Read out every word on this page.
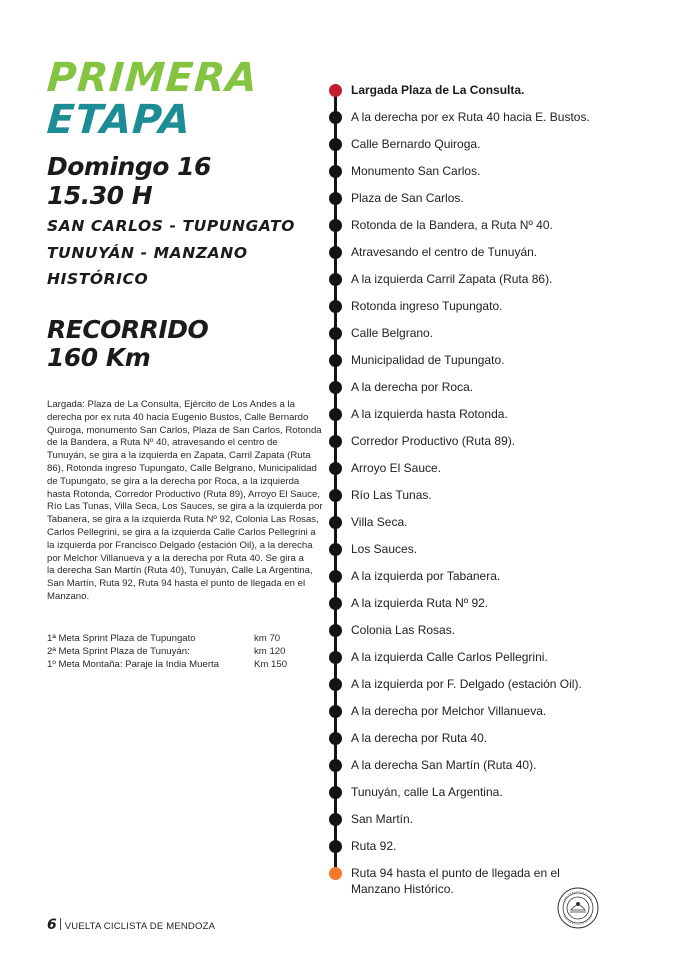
PRIMERA
ETAPA
Domingo 16
15.30 H
SAN CARLOS - TUPUNGATO
TUNUYÁN - MANZANO
HISTÓRICO
RECORRIDO
160 Km
Largada: Plaza de La Consulta, Ejército de Los Andes a la
derecha por ex ruta 40 hacia Eugenio Bustos, Calle Bernardo
Quiroga, monumento San Carlos, Plaza de San Carlos, Rotonda
de la Bandera, a Ruta Nº 40, atravesando el centro de
Tunuyán, se gira a la izquierda en Zapata, Carril Zapata (Ruta
86), Rotonda ingreso Tupungato, Calle Belgrano, Municipalidad
de Tupungato, se gira a la derecha por Roca, a la izquierda
hasta Rotonda, Corredor Productivo (Ruta 89), Arroyo El Sauce,
Río Las Tunas, Villa Seca, Los Sauces, se gira a la izquierda por
Tabanera, se gira a la izquierda Ruta Nº 92, Colonia Las Rosas,
Carlos Pellegrini, se gira a la izquierda Calle Carlos Pellegrini a
la izquierda por Francisco Delgado (estación Oil), a la derecha
por Melchor Villanueva y a la derecha por Ruta 40. Se gira a
la derecha San Martín (Ruta 40), Tunuyán, Calle La Argentina,
San Martín, Ruta 92, Ruta 94 hasta el punto de llegada en el
Manzano.
1ª Meta Sprint Plaza de Tupungato	km 70
2ª Meta Sprint Plaza de Tunuyán:	km 120
1º Meta Montaña: Paraje la India Muerta	Km 150
Largada Plaza de La Consulta.
A la derecha por ex Ruta 40 hacia E. Bustos.
Calle Bernardo Quiroga.
Monumento San Carlos.
Plaza de San Carlos.
Rotonda de la Bandera, a Ruta Nº 40.
Atravesando el centro de Tunuyán.
A la izquierda Carril Zapata (Ruta 86).
Rotonda ingreso Tupungato.
Calle Belgrano.
Municipalidad de Tupungato.
A la derecha por Roca.
A la izquierda hasta Rotonda.
Corredor Productivo (Ruta 89).
Arroyo El Sauce.
Río Las Tunas.
Villa Seca.
Los Sauces.
A la izquierda por Tabanera.
A la izquierda Ruta Nº 92.
Colonia Las Rosas.
A la izquierda Calle Carlos Pellegrini.
A la izquierda por F. Delgado (estación Oil).
A la derecha por Melchor Villanueva.
A la derecha por Ruta 40.
A la derecha San Martín (Ruta 40).
Tunuyán, calle La Argentina.
San Martín.
Ruta 92.
Ruta 94 hasta el punto de llegada en el Manzano Histórico.
6 VUELTA CICLISTA DE MENDOZA
